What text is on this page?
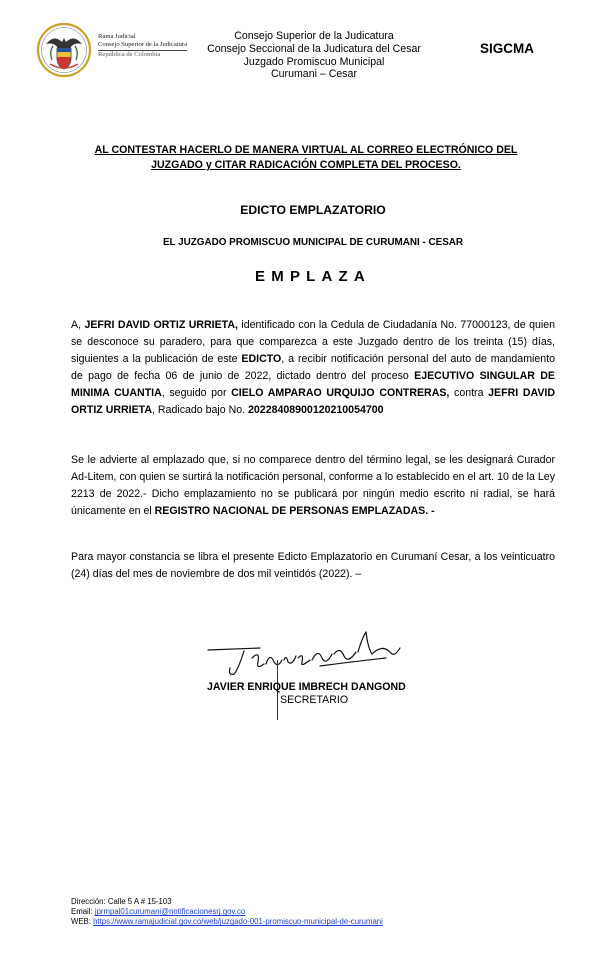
Rama Judicial
Consejo Superior de la Judicatura
República de Colombia
Consejo Superior de la Judicatura
Consejo Seccional de la Judicatura del Cesar
Juzgado Promiscuo Municipal
Curumani – Cesar
SIGCMA
AL CONTESTAR HACERLO DE MANERA VIRTUAL AL CORREO ELECTRÓNICO DEL JUZGADO y CITAR RADICACIÓN COMPLETA DEL PROCESO.
EDICTO EMPLAZATORIO
EL JUZGADO PROMISCUO MUNICIPAL DE CURUMANI - CESAR
EMPLAZA
A, JEFRI DAVID ORTIZ URRIETA, identificado con la Cedula de Ciudadanía No. 77000123, de quien se desconoce su paradero, para que comparezca a este Juzgado dentro de los treinta (15) días, siguientes a la publicación de este EDICTO, a recibir notificación personal del auto de mandamiento de pago de fecha 06 de junio de 2022, dictado dentro del proceso EJECUTIVO SINGULAR DE MINIMA CUANTIA, seguido por CIELO AMPARAO URQUIJO CONTRERAS, contra JEFRI DAVID ORTIZ URRIETA, Radicado bajo No. 20228408900120210054700
Se le advierte al emplazado que, si no comparece dentro del término legal, se les designará Curador Ad-Litem, con quien se surtirá la notificación personal, conforme a lo establecido en el art. 10 de la Ley 2213 de 2022.- Dicho emplazamiento no se publicará por ningún medio escrito ni radial, se hará únicamente en el REGISTRO NACIONAL DE PERSONAS EMPLAZADAS. -
Para mayor constancia se libra el presente Edicto Emplazatorio en Curumaní Cesar, a los veinticuatro (24) días del mes de noviembre de dos mil veintidós (2022). –
JAVIER ENRIQUE IMBRECH DANGOND
SECRETARIO
Dirección: Calle 5 A # 15-103
Email: jprmpal01curumani@notificacionesrj.gov.co
WEB: https://www.ramajudicial.gov.co/web/juzgado-001-promiscuo-municipal-de-curumani
